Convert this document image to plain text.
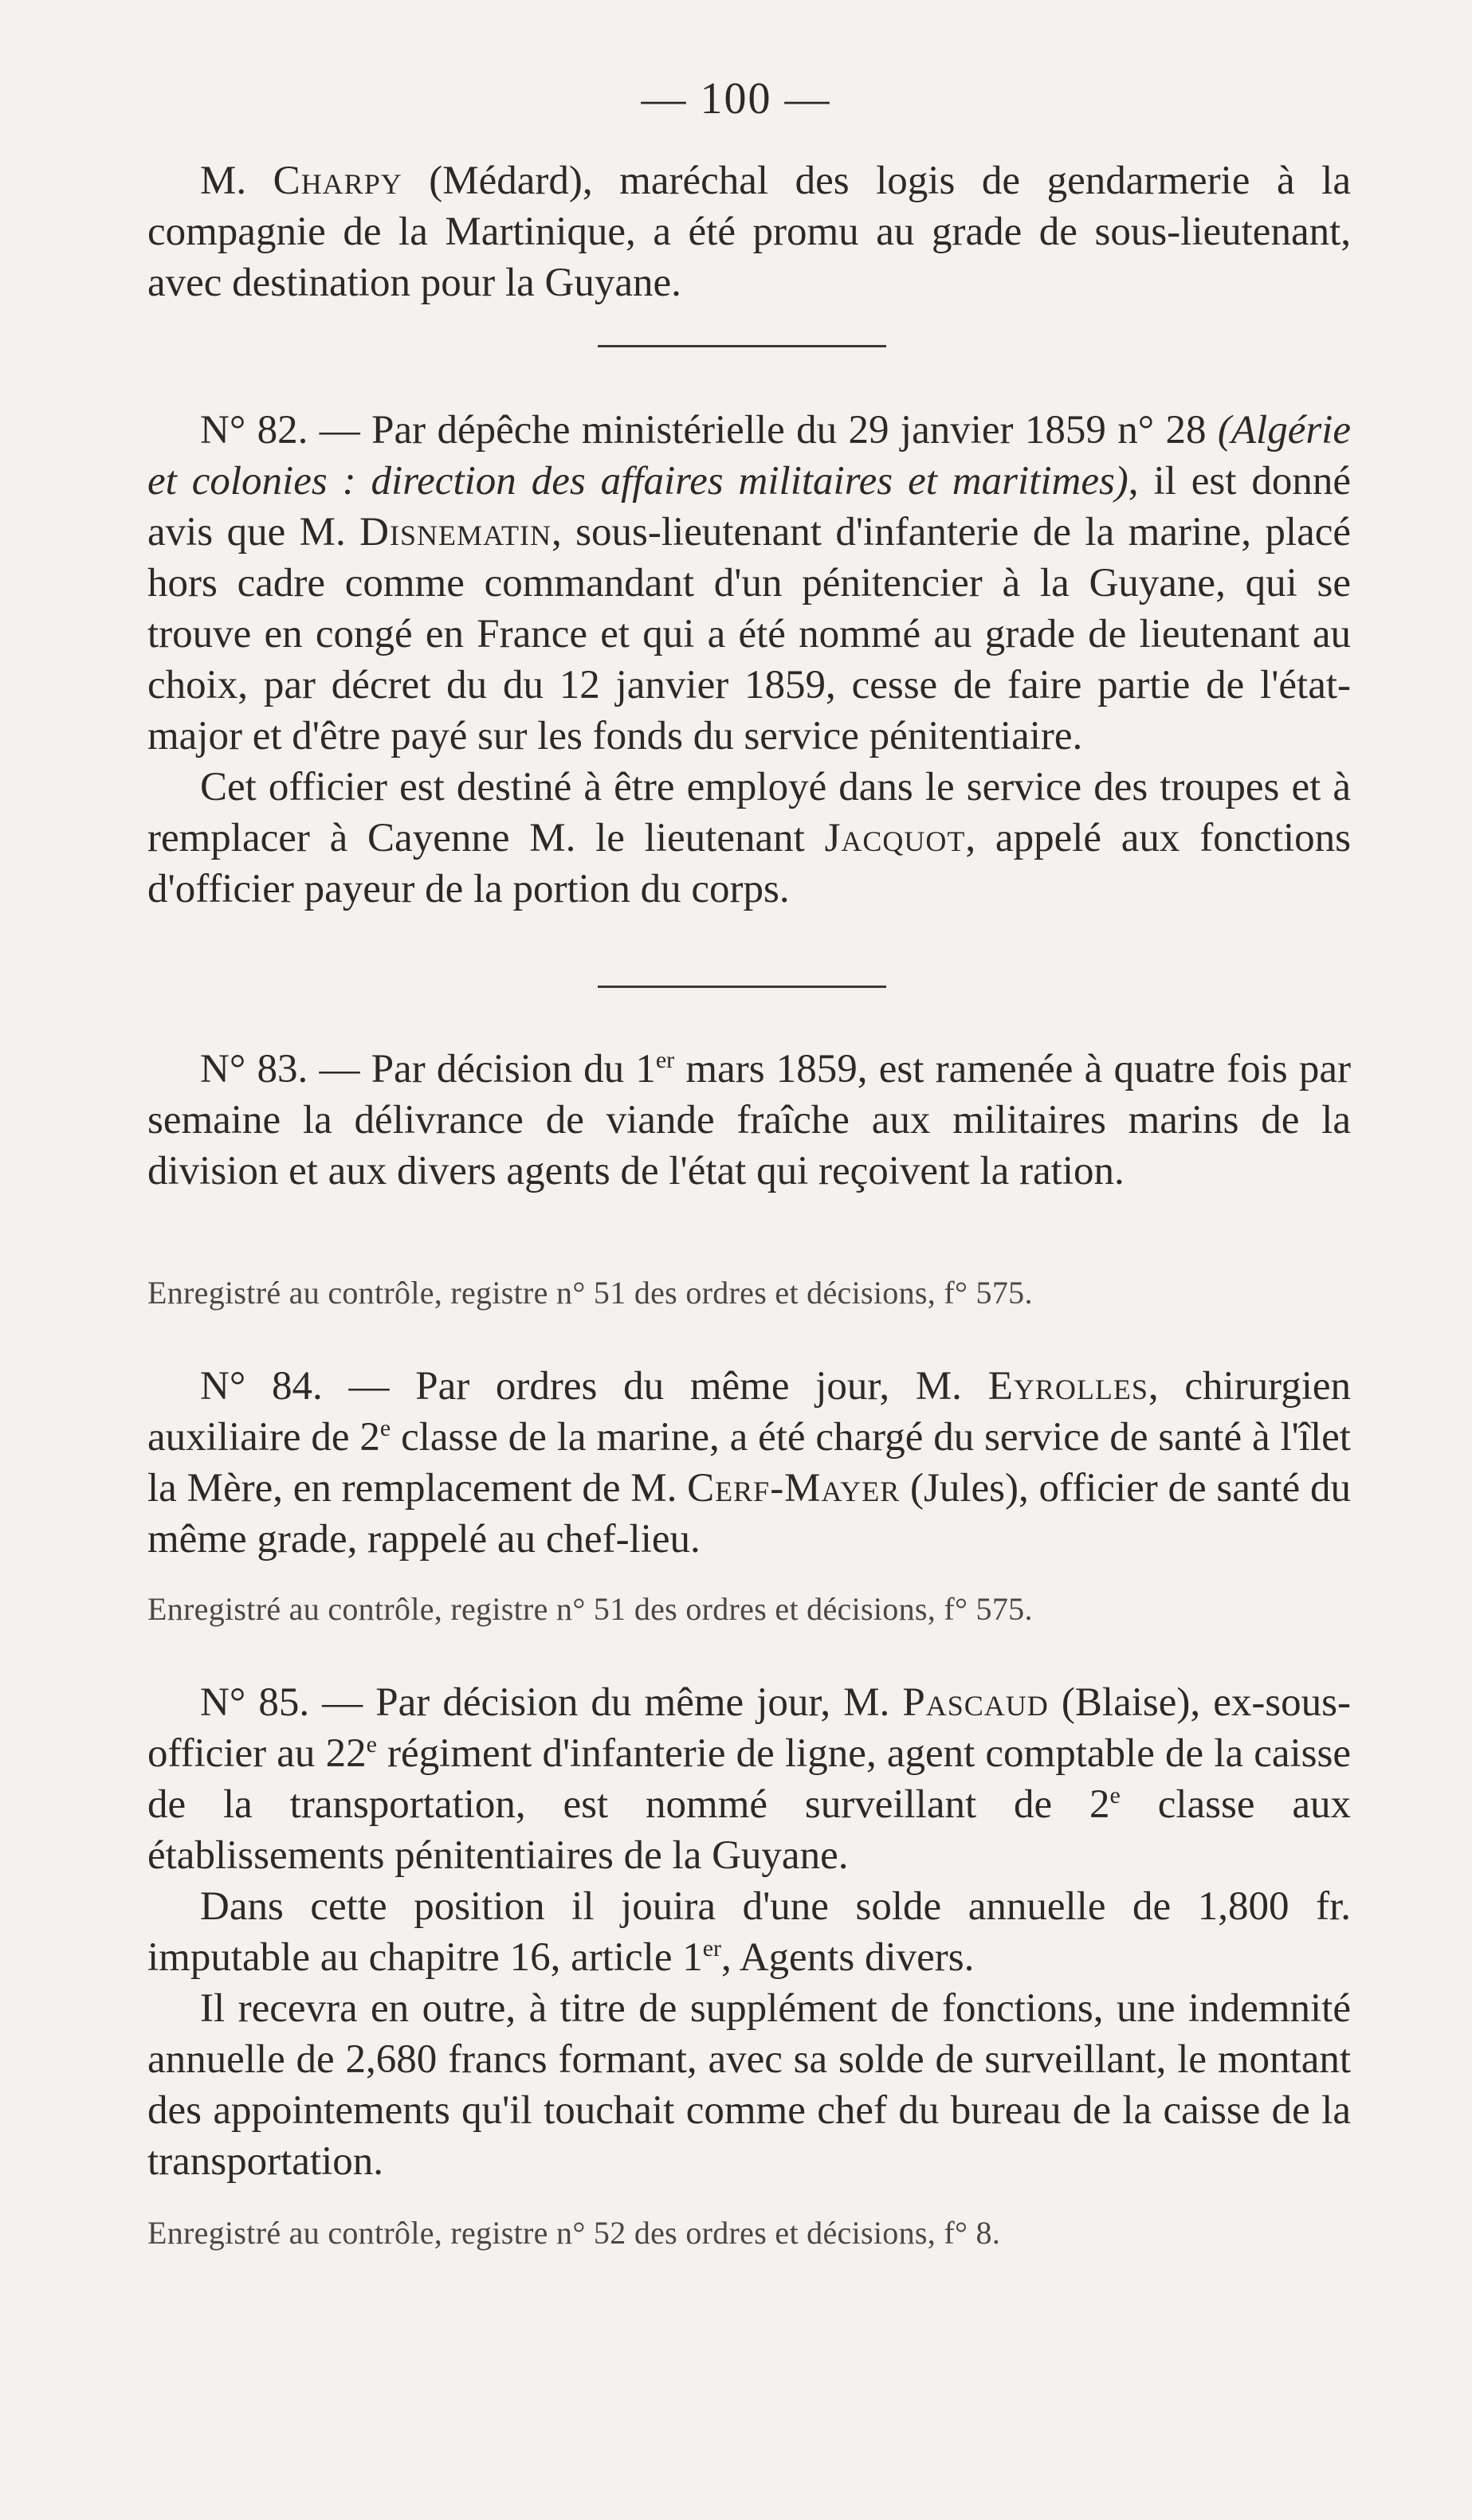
— 100 —

M. Charpy (Médard), maréchal des logis de gendarmerie à la compagnie de la Martinique, a été promu au grade de sous-lieutenant, avec destination pour la Guyane.

N° 82. — Par dépêche ministérielle du 29 janvier 1859 n° 28 (Algérie et colonies : direction des affaires militaires et maritimes), il est donné avis que M. Disnematin, sous-lieutenant d'infanterie de la marine, placé hors cadre comme commandant d'un pénitencier à la Guyane, qui se trouve en congé en France et qui a été nommé au grade de lieutenant au choix, par décret du du 12 janvier 1859, cesse de faire partie de l'état-major et d'être payé sur les fonds du service pénitentiaire.

Cet officier est destiné à être employé dans le service des troupes et à remplacer à Cayenne M. le lieutenant Jacquot, appelé aux fonctions d'officier payeur de la portion du corps.

N° 83. — Par décision du 1er mars 1859, est ramenée à quatre fois par semaine la délivrance de viande fraîche aux militaires marins de la division et aux divers agents de l'état qui reçoivent la ration.

Enregistré au contrôle, registre n° 51 des ordres et décisions, f° 575.

N° 84. — Par ordres du même jour, M. Eyrolles, chirurgien auxiliaire de 2e classe de la marine, a été chargé du service de santé à l'îlet la Mère, en remplacement de M. Cerf-Mayer (Jules), officier de santé du même grade, rappelé au chef-lieu.

Enregistré au contrôle, registre n° 51 des ordres et décisions, f° 575.

N° 85. — Par décision du même jour, M. Pascaud (Blaise), ex-sous-officier au 22e régiment d'infanterie de ligne, agent comptable de la caisse de la transportation, est nommé surveillant de 2e classe aux établissements pénitentiaires de la Guyane.

Dans cette position il jouira d'une solde annuelle de 1,800 fr. imputable au chapitre 16, article 1er, Agents divers.

Il recevra en outre, à titre de supplément de fonctions, une indemnité annuelle de 2,680 francs formant, avec sa solde de surveillant, le montant des appointements qu'il touchait comme chef du bureau de la caisse de la transportation.

Enregistré au contrôle, registre n° 52 des ordres et décisions, f° 8.
